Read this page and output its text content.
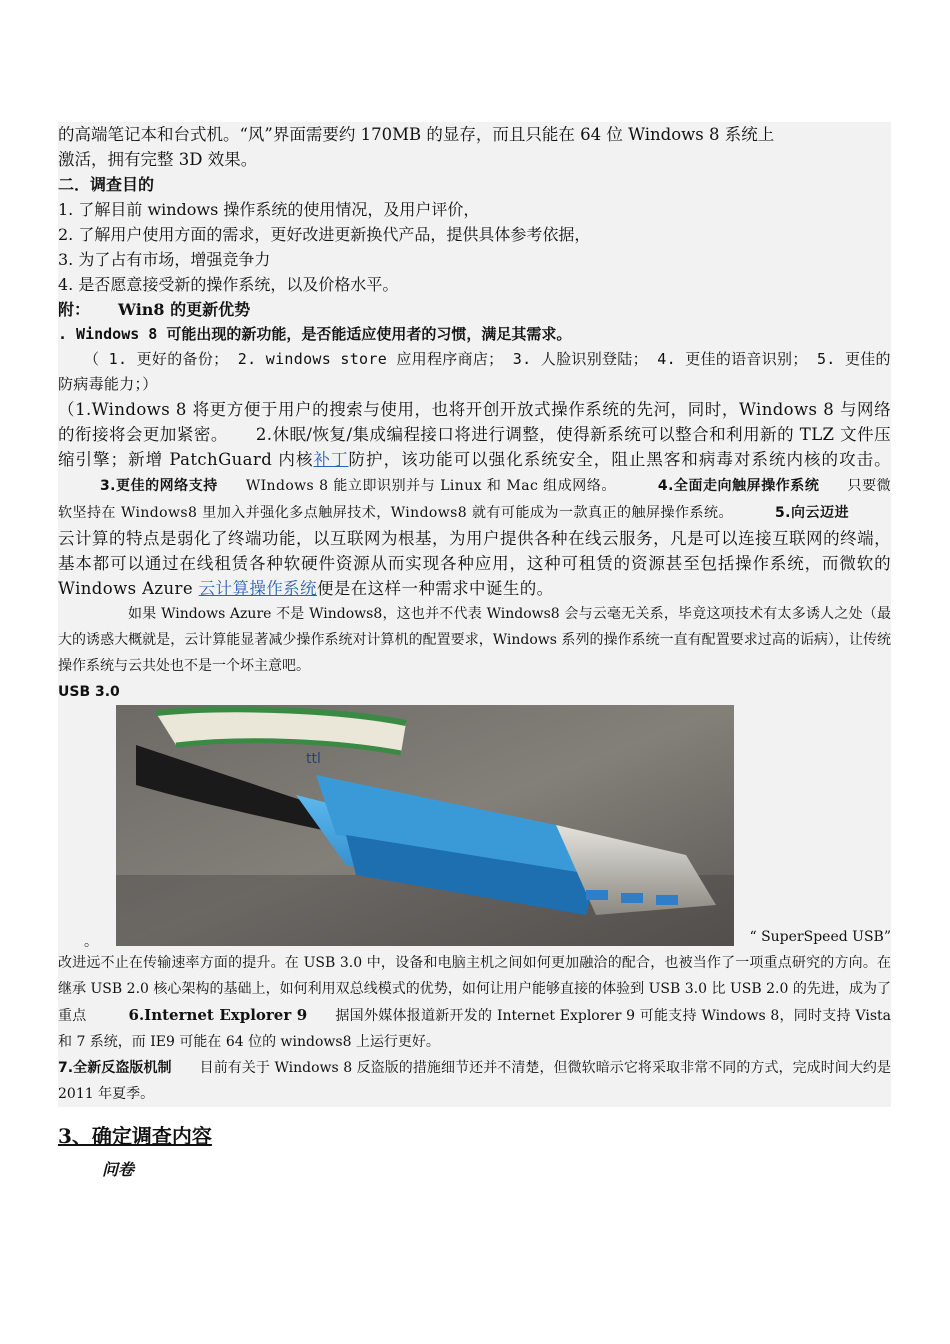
的高端笔记本和台式机。“风”界面需要约 170MB 的显存，而且只能在 64 位 Windows 8 系统上

激活，拥有完整 3D 效果。

二．调查目的

1. 了解目前 windows 操作系统的使用情况，及用户评价，

2. 了解用户使用方面的需求，更好改进更新换代产品，提供具体参考依据，

3. 为了占有市场，增强竞争力

4. 是否愿意接受新的操作系统，以及价格水平。

附： Win8 的更新优势

. Windows 8 可能出现的新功能，是否能适应使用者的习惯，满足其需求。

（ 1. 更好的备份； 2. windows store 应用程序商店； 3. 人脸识别登陆； 4. 更佳的语音识别； 5. 更佳的防病毒能力；）

（1.Windows 8 将更方便于用户的搜索与使用，也将开创开放式操作系统的先河，同时，Windows 8 与网络的衔接将会更加紧密。 2.休眠/恢复/集成编程接口将进行调整，使得新系统可以整合和利用新的 TLZ 文件压缩引擎；新增 PatchGuard 内核补丁防护，该功能可以强化系统安全，阻止黑客和病毒对系统内核的攻击。3.更佳的网络支持 WIndows 8 能立即识别并与 Linux 和 Mac 组成网络。	4.全面走向触屏操作系统 只要微软坚持在 Windows8 里加入并强化多点触屏技术，Windows8 就有可能成为一款真正的触屏操作系统。	5.向云迈进云计算的特点是弱化了终端功能，以互联网为根基，为用户提供各种在线云服务，凡是可以连接互联网的终端，基本都可以通过在线租赁各种软硬件资源从而实现各种应用，这种可租赁的资源甚至包括操作系统，而微软的 Windows Azure 云计算操作系统便是在这样一种需求中诞生的。

如果 Windows Azure 不是 Windows8，这也并不代表 Windows8 会与云毫无关系，毕竟这项技术有太多诱人之处（最大的诱惑大概就是，云计算能显著减少操作系统对计算机的配置要求，Windows 系列的操作系统一直有配置要求过高的诟病），让传统操作系统与云共处也不是一个坏主意吧。

USB 3.0

。
ttl
“ SuperSpeed USB”

改进远不止在传输速率方面的提升。在 USB 3.0 中，设备和电脑主机之间如何更加融洽的配合，也被当作了一项重点研究的方向。在继承 USB 2.0 核心架构的基础上，如何利用双总线模式的优势，如何让用户能够直接的体验到 USB 3.0 比 USB 2.0 的先进，成为了重点	6.Internet Explorer 9 据国外媒体报道新开发的 Internet Explorer 9 可能支持 Windows 8，同时支持 Vista 和 7 系统，而 IE9 可能在 64 位的 windows8 上运行更好。

7.全新反盗版机制 目前有关于 Windows 8 反盗版的措施细节还并不清楚，但微软暗示它将采取非常不同的方式，完成时间大约是 2011 年夏季。

3、确定调查内容

问卷
